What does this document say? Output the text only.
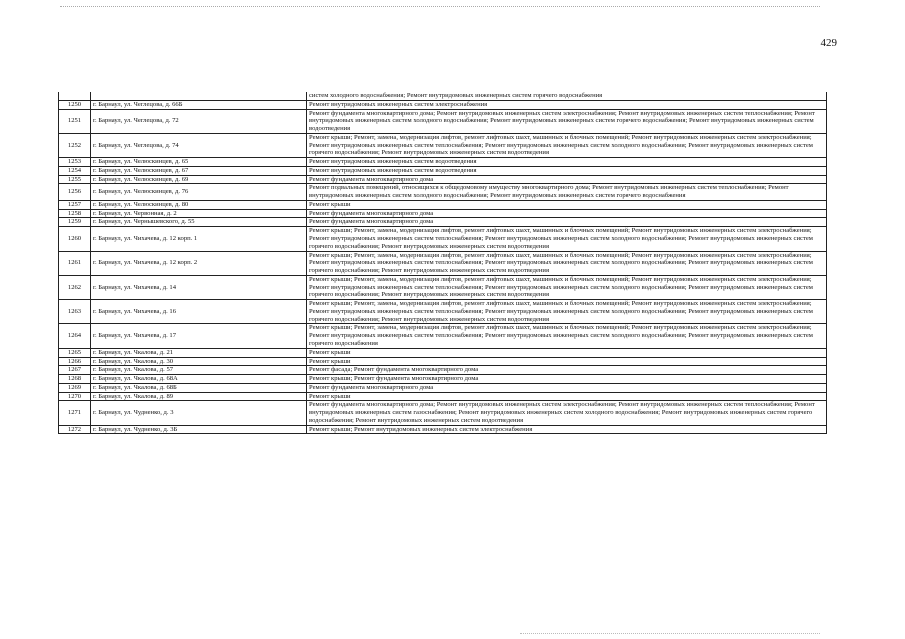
429
		систем холодного водоснабжения; Ремонт внутридомовых инженерных систем горячего водоснабжения
1250	г. Барнаул, ул. Чеглецова, д. 66Б	Ремонт внутридомовых инженерных систем электроснабжения
1251	г. Барнаул, ул. Чеглецова, д. 72	Ремонт фундамента многоквартирного дома; Ремонт внутридомовых инженерных систем электроснабжения; Ремонт внутридомовых инженерных систем теплоснабжения; Ремонт внутридомовых инженерных систем холодного водоснабжения; Ремонт внутридомовых инженерных систем горячего водоснабжения; Ремонт внутридомовых инженерных систем водоотведения
1252	г. Барнаул, ул. Чеглецова, д. 74	Ремонт крыши; Ремонт, замена, модернизация лифтов, ремонт лифтовых шахт, машинных и блочных помещений; Ремонт внутридомовых инженерных систем электроснабжения; Ремонт внутридомовых инженерных систем теплоснабжения; Ремонт внутридомовых инженерных систем холодного водоснабжения; Ремонт внутридомовых инженерных систем горячего водоснабжения; Ремонт внутридомовых инженерных систем водоотведения
1253	г. Барнаул, ул. Челюскинцев, д. 65	Ремонт внутридомовых инженерных систем водоотведения
1254	г. Барнаул, ул. Челюскинцев, д. 67	Ремонт внутридомовых инженерных систем водоотведения
1255	г. Барнаул, ул. Челюскинцев, д. 69	Ремонт фундамента многоквартирного дома
1256	г. Барнаул, ул. Челюскинцев, д. 76	Ремонт подвальных помещений, относящихся к общедомовому имуществу многоквартирного дома; Ремонт внутридомовых инженерных систем теплоснабжения; Ремонт внутридомовых инженерных систем холодного водоснабжения; Ремонт внутридомовых инженерных систем горячего водоснабжения
1257	г. Барнаул, ул. Челюскинцев, д. 80	Ремонт крыши
1258	г. Барнаул, ул. Червонная, д. 2	Ремонт фундамента многоквартирного дома
1259	г. Барнаул, ул. Чернышевского, д. 55	Ремонт фундамента многоквартирного дома
1260	г. Барнаул, ул. Чихачева, д. 12 корп. 1	Ремонт крыши; Ремонт, замена, модернизация лифтов, ремонт лифтовых шахт, машинных и блочных помещений; Ремонт внутридомовых инженерных систем электроснабжения; Ремонт внутридомовых инженерных систем теплоснабжения; Ремонт внутридомовых инженерных систем холодного водоснабжения; Ремонт внутридомовых инженерных систем горячего водоснабжения; Ремонт внутридомовых инженерных систем водоотведения
1261	г. Барнаул, ул. Чихачева, д. 12 корп. 2	Ремонт крыши; Ремонт, замена, модернизация лифтов, ремонт лифтовых шахт, машинных и блочных помещений; Ремонт внутридомовых инженерных систем электроснабжения; Ремонт внутридомовых инженерных систем теплоснабжения; Ремонт внутридомовых инженерных систем холодного водоснабжения; Ремонт внутридомовых инженерных систем горячего водоснабжения; Ремонт внутридомовых инженерных систем водоотведения
1262	г. Барнаул, ул. Чихачева, д. 14	Ремонт крыши; Ремонт, замена, модернизация лифтов, ремонт лифтовых шахт, машинных и блочных помещений; Ремонт внутридомовых инженерных систем электроснабжения; Ремонт внутридомовых инженерных систем теплоснабжения; Ремонт внутридомовых инженерных систем холодного водоснабжения; Ремонт внутридомовых инженерных систем горячего водоснабжения; Ремонт внутридомовых инженерных систем водоотведения
1263	г. Барнаул, ул. Чихачева, д. 16	Ремонт крыши; Ремонт, замена, модернизация лифтов, ремонт лифтовых шахт, машинных и блочных помещений; Ремонт внутридомовых инженерных систем электроснабжения; Ремонт внутридомовых инженерных систем теплоснабжения; Ремонт внутридомовых инженерных систем холодного водоснабжения; Ремонт внутридомовых инженерных систем горячего водоснабжения; Ремонт внутридомовых инженерных систем водоотведения
1264	г. Барнаул, ул. Чихачева, д. 17	Ремонт крыши; Ремонт, замена, модернизация лифтов, ремонт лифтовых шахт, машинных и блочных помещений; Ремонт внутридомовых инженерных систем электроснабжения; Ремонт внутридомовых инженерных систем теплоснабжения; Ремонт внутридомовых инженерных систем холодного водоснабжения; Ремонт внутридомовых инженерных систем горячего водоснабжения
1265	г. Барнаул, ул. Чкалова, д. 21	Ремонт крыши
1266	г. Барнаул, ул. Чкалова, д. 30	Ремонт крыши
1267	г. Барнаул, ул. Чкалова, д. 57	Ремонт фасада; Ремонт фундамента многоквартирного дома
1268	г. Барнаул, ул. Чкалова, д. 68А	Ремонт крыши; Ремонт фундамента многоквартирного дома
1269	г. Барнаул, ул. Чкалова, д. 68Б	Ремонт фундамента многоквартирного дома
1270	г. Барнаул, ул. Чкалова, д. 89	Ремонт крыши
1271	г. Барнаул, ул. Чудненко, д. 3	Ремонт фундамента многоквартирного дома; Ремонт внутридомовых инженерных систем электроснабжения; Ремонт внутридомовых инженерных систем теплоснабжения; Ремонт внутридомовых инженерных систем газоснабжения; Ремонт внутридомовых инженерных систем холодного водоснабжения; Ремонт внутридомовых инженерных систем горячего водоснабжения; Ремонт внутридомовых инженерных систем водоотведения
1272	г. Барнаул, ул. Чудненко, д. 3Б	Ремонт крыши; Ремонт внутридомовых инженерных систем электроснабжения
